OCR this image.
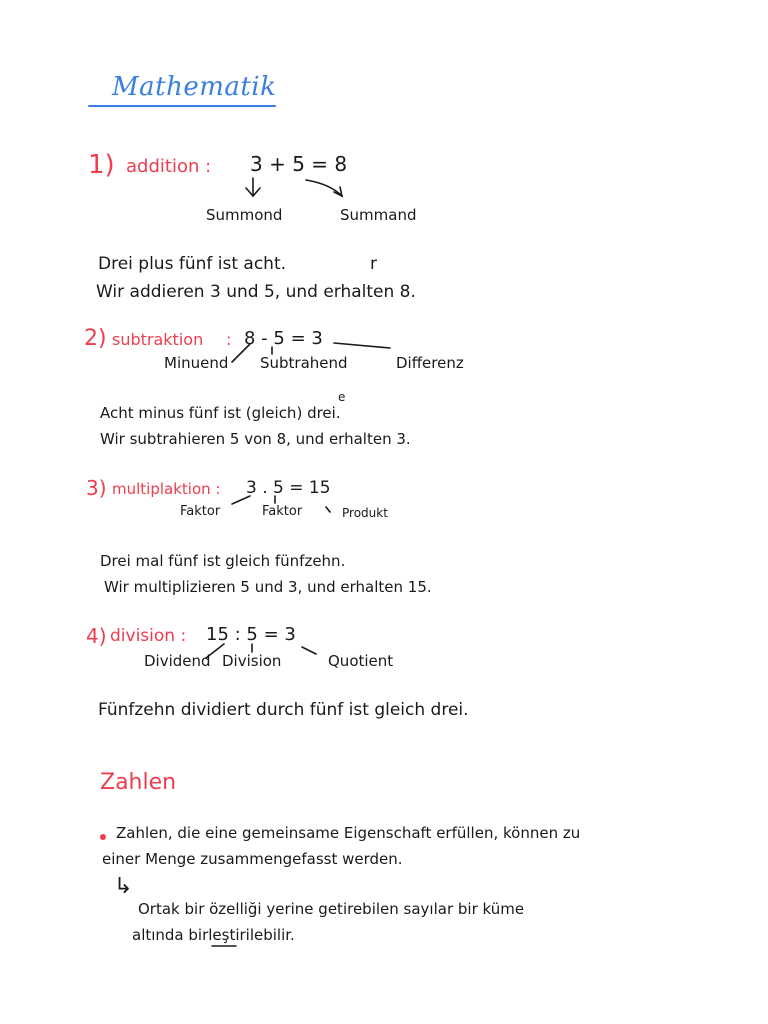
Mathematik
1) addition : 3 + 5 = 8
Summond	Summand
Drei plus fünf ist acht.	r
Wir addieren 3 und 5, und erhalten 8.
2) subtraktion : 8 - 5 = 3
Minuend Subtrahend	Differenz
e
Acht minus fünf ist (gleich) drei.
Wir subtrahieren 5 von 8, und erhalten 3.
3) multiplaktion : 3 . 5 = 15
Faktor	Faktor	Produkt
Drei mal fünf ist gleich fünfzehn.
Wir multiplizieren 5 und 3, und erhalten 15.
4) division : 15 : 5 = 3
Dividend Division	Quotient
Fünfzehn dividiert durch fünf ist gleich drei.
Zahlen
Zahlen, die eine gemeinsame Eigenschaft erfüllen, können zu
einer Menge zusammengefasst werden.
↳
Ortak bir özelliği yerine getirebilen sayılar bir küme
altında birleştirilebilir.
